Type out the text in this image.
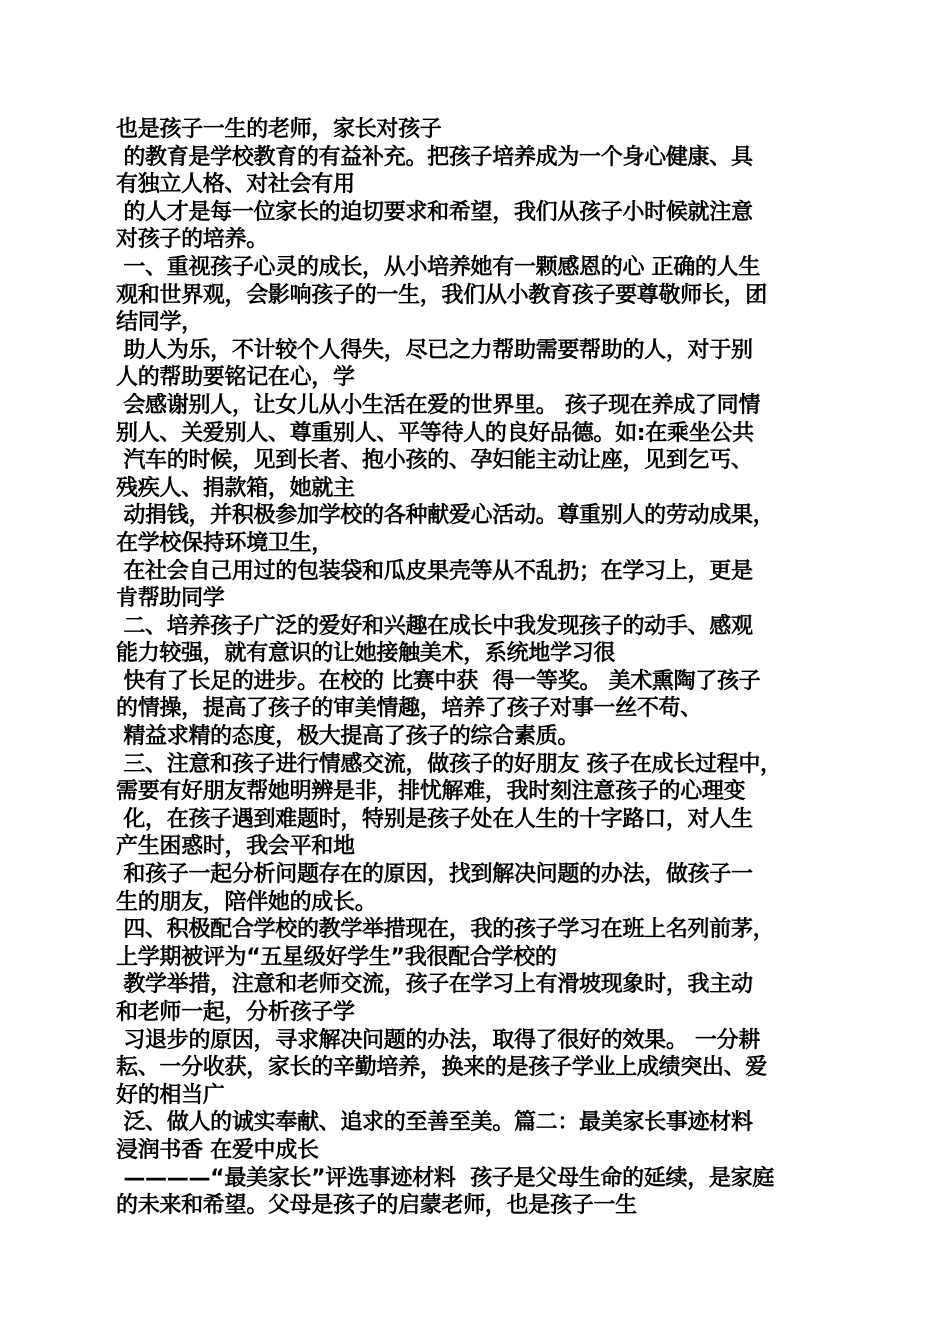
也是孩子一生的老师，家长对孩子
的教育是学校教育的有益补充。把孩子培养成为一个身心健康、具
有独立人格、对社会有用
的人才是每一位家长的迫切要求和希望，我们从孩子小时候就注意
对孩子的培养。
一、重视孩子心灵的成长，从小培养她有一颗感恩的心 正确的人生
观和世界观，会影响孩子的一生，我们从小教育孩子要尊敬师长，团
结同学，
助人为乐，不计较个人得失，尽已之力帮助需要帮助的人，对于别
人的帮助要铭记在心，学
会感谢别人，让女儿从小生活在爱的世界里。 孩子现在养成了同情
别人、关爱别人、尊重别人、平等待人的良好品德。如:在乘坐公共
汽车的时候，见到长者、抱小孩的、孕妇能主动让座，见到乞丐、
残疾人、捐款箱，她就主
动捐钱，并积极参加学校的各种献爱心活动。尊重别人的劳动成果，
在学校保持环境卫生，
在社会自己用过的包装袋和瓜皮果壳等从不乱扔；在学习上，更是
肯帮助同学
二、培养孩子广泛的爱好和兴趣在成长中我发现孩子的动手、感观
能力较强，就有意识的让她接触美术，系统地学习很
快有了长足的进步。在校的 比赛中获  得一等奖。 美术熏陶了孩子
的情操，提高了孩子的审美情趣，培养了孩子对事一丝不苟、
精益求精的态度，极大提高了孩子的综合素质。
三、注意和孩子进行情感交流，做孩子的好朋友 孩子在成长过程中，
需要有好朋友帮她明辨是非，排忧解难，我时刻注意孩子的心理变
化，在孩子遇到难题时，特别是孩子处在人生的十字路口，对人生
产生困惑时，我会平和地
和孩子一起分析问题存在的原因，找到解决问题的办法，做孩子一
生的朋友，陪伴她的成长。
四、积极配合学校的教学举措现在，我的孩子学习在班上名列前茅，
上学期被评为“五星级好学生”我很配合学校的
教学举措，注意和老师交流，孩子在学习上有滑坡现象时，我主动
和老师一起，分析孩子学
习退步的原因，寻求解决问题的办法，取得了很好的效果。 一分耕
耘、一分收获，家长的辛勤培养，换来的是孩子学业上成绩突出、爱
好的相当广
泛、做人的诚实奉献、追求的至善至美。篇二：最美家长事迹材料
浸润书香 在爱中成长
————“最美家长”评选事迹材料  孩子是父母生命的延续，是家庭
的未来和希望。父母是孩子的启蒙老师，也是孩子一生
